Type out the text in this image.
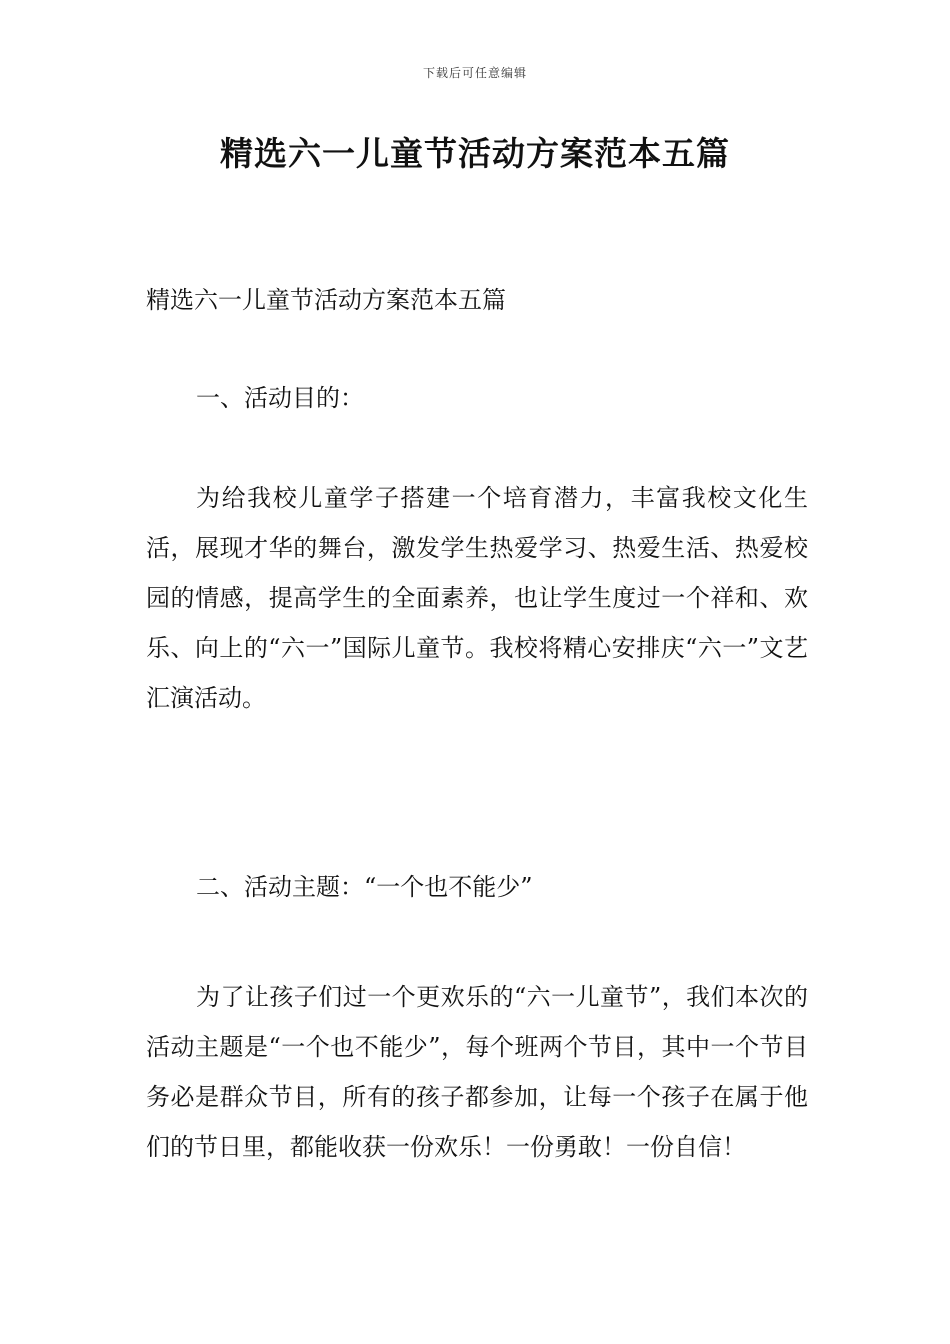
下载后可任意编辑
精选六一儿童节活动方案范本五篇

精选六一儿童节活动方案范本五篇

一、活动目的：

为给我校儿童学子搭建一个培育潜力，丰富我校文化生活，展现才华的舞台，激发学生热爱学习、热爱生活、热爱校园的情感，提高学生的全面素养，也让学生度过一个祥和、欢乐、向上的“六一”国际儿童节。我校将精心安排庆“六一”文艺汇演活动。

二、活动主题：“一个也不能少”

为了让孩子们过一个更欢乐的“六一儿童节”，我们本次的活动主题是“一个也不能少”，每个班两个节目，其中一个节目务必是群众节目，所有的孩子都参加，让每一个孩子在属于他们的节日里，都能收获一份欢乐！一份勇敢！一份自信！
